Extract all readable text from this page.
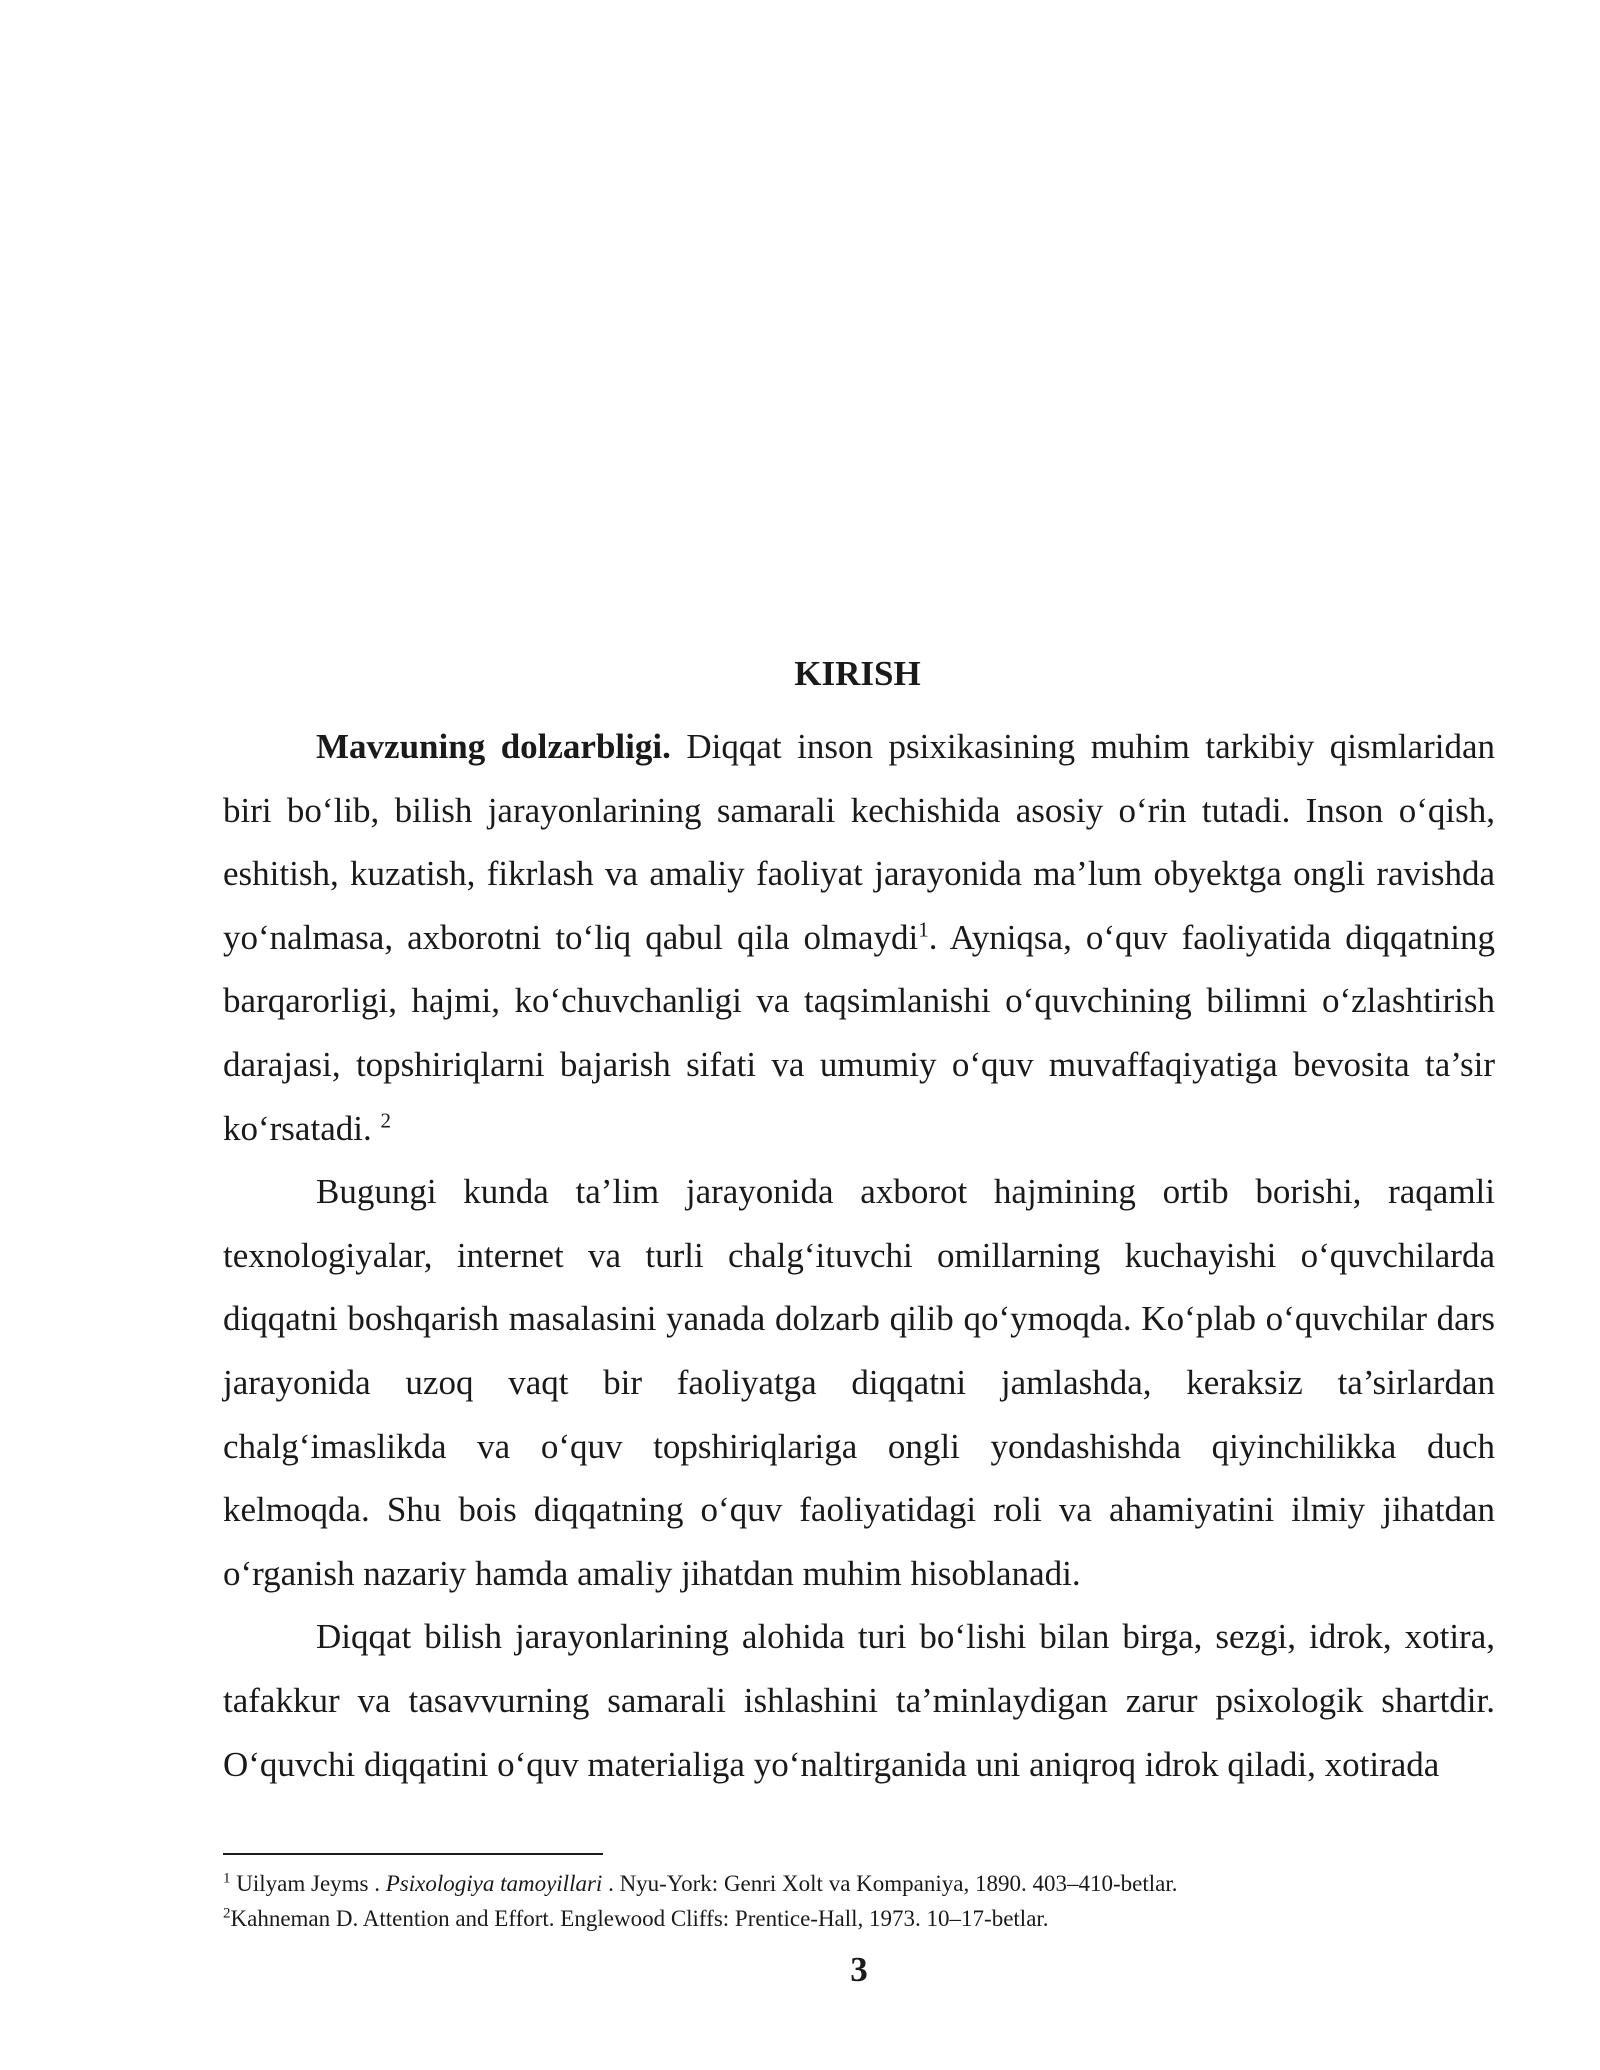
KIRISH

Mavzuning dolzarbligi. Diqqat inson psixikasining muhim tarkibiy qismlaridan biri bo‘lib, bilish jarayonlarining samarali kechishida asosiy o‘rin tutadi. Inson o‘qish, eshitish, kuzatish, fikrlash va amaliy faoliyat jarayonida ma’lum obyektga ongli ravishda yo‘nalmasa, axborotni to‘liq qabul qila olmaydi$^1$. Ayniqsa, o‘quv faoliyatida diqqatning barqarorligi, hajmi, ko‘chuvchanligi va taqsimlanishi o‘quvchining bilimni o‘zlashtirish darajasi, topshiriqlarni bajarish sifati va umumiy o‘quv muvaffaqiyatiga bevosita ta’sir ko‘rsatadi. $^2$

Bugungi kunda ta’lim jarayonida axborot hajmining ortib borishi, raqamli texnologiyalar, internet va turli chalg‘ituvchi omillarning kuchayishi o‘quvchilarda diqqatni boshqarish masalasini yanada dolzarb qilib qo‘ymoqda. Ko‘plab o‘quvchilar dars jarayonida uzoq vaqt bir faoliyatga diqqatni jamlashda, keraksiz ta’sirlardan chalg‘imaslikda va o‘quv topshiriqlariga ongli yondashishda qiyinchilikka duch kelmoqda. Shu bois diqqatning o‘quv faoliyatidagi roli va ahamiyatini ilmiy jihatdan o‘rganish nazariy hamda amaliy jihatdan muhim hisoblanadi.

Diqqat bilish jarayonlarining alohida turi bo‘lishi bilan birga, sezgi, idrok, xotira, tafakkur va tasavvurning samarali ishlashini ta’minlaydigan zarur psixologik shartdir. O‘quvchi diqqatini o‘quv materialiga yo‘naltirganida uni aniqroq idrok qiladi, xotirada

$^1$ Uilyam Jeyms . Psixologiya tamoyillari . Nyu-York: Genri Xolt va Kompaniya, 1890. 403–410-betlar.

$^2$Kahneman D. Attention and Effort. Englewood Cliffs: Prentice-Hall, 1973. 10–17-betlar.

3
